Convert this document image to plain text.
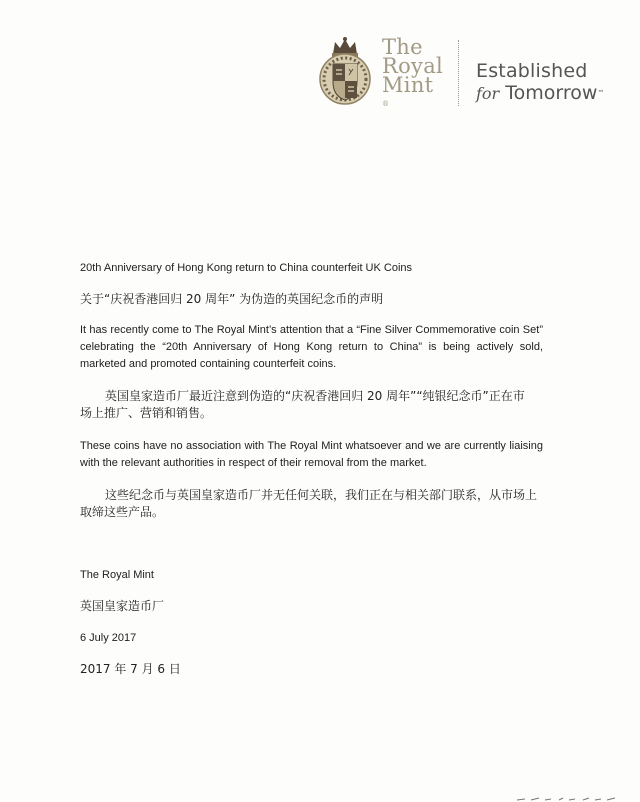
The
Royal
Mint
®
Established
for Tomorrow™
20th Anniversary of Hong Kong return to China counterfeit UK Coins
关于“庆祝香港回归 20 周年” 为伪造的英国纪念币的声明
It has recently come to The Royal Mint’s attention that a “Fine Silver Commemorative coin Set” celebrating the “20th Anniversary of Hong Kong return to China” is being actively sold, marketed and promoted containing counterfeit coins.
英国皇家造币厂最近注意到伪造的“庆祝香港回归 20 周年”“纯银纪念币”正在市场上推广、营销和销售。
These coins have no association with The Royal Mint whatsoever and we are currently liaising with the relevant authorities in respect of their removal from the market.
这些纪念币与英国皇家造币厂并无任何关联，我们正在与相关部门联系，从市场上取缔这些产品。
The Royal Mint
英国皇家造币厂
6 July 2017
2017 年 7 月 6 日
